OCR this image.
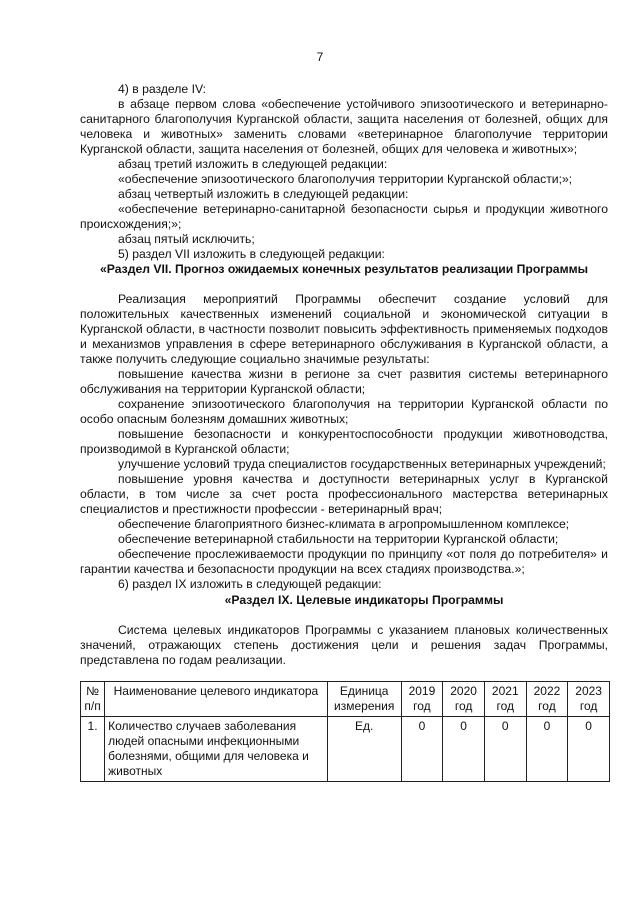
7

4) в разделе IV:

в абзаце первом слова «обеспечение устойчивого эпизоотического и ветеринарно-санитарного благополучия Курганской области, защита населения от болезней, общих для человека и животных» заменить словами «ветеринарное благополучие территории Курганской области, защита населения от болезней, общих для человека и животных»;

абзац третий изложить в следующей редакции:

«обеспечение эпизоотического благополучия территории Курганской области;»;

абзац четвертый изложить в следующей редакции:

«обеспечение ветеринарно-санитарной безопасности сырья и продукции животного происхождения;»;

абзац пятый исключить;

5) раздел VII изложить в следующей редакции:

«Раздел VII. Прогноз ожидаемых конечных результатов реализации Программы

Реализация мероприятий Программы обеспечит создание условий для положительных качественных изменений социальной и экономической ситуации в Курганской области, в частности позволит повысить эффективность применяемых подходов и механизмов управления в сфере ветеринарного обслуживания в Курганской области, а также получить следующие социально значимые результаты:

повышение качества жизни в регионе за счет развития системы ветеринарного обслуживания на территории Курганской области;

сохранение эпизоотического благополучия на территории Курганской области по особо опасным болезням домашних животных;

повышение безопасности и конкурентоспособности продукции животноводства, производимой в Курганской области;

улучшение условий труда специалистов государственных ветеринарных учреждений;

повышение уровня качества и доступности ветеринарных услуг в Курганской области, в том числе за счет роста профессионального мастерства ветеринарных специалистов и престижности профессии - ветеринарный врач;

обеспечение благоприятного бизнес-климата в агропромышленном комплексе;

обеспечение ветеринарной стабильности на территории Курганской области;

обеспечение прослеживаемости продукции по принципу «от поля до потребителя» и гарантии качества и безопасности продукции на всех стадиях производства.»;

6) раздел IX изложить в следующей редакции:

«Раздел IX. Целевые индикаторы Программы

Система целевых индикаторов Программы с указанием плановых количественных значений, отражающих степень достижения цели и решения задач Программы, представлена по годам реализации.

№ п/п	Наименование целевого индикатора	Единица измерения	2019 год	2020 год	2021 год	2022 год	2023 год
1.	Количество случаев заболевания людей опасными инфекционными болезнями, общими для человека и животных	Ед.	0	0	0	0	0
